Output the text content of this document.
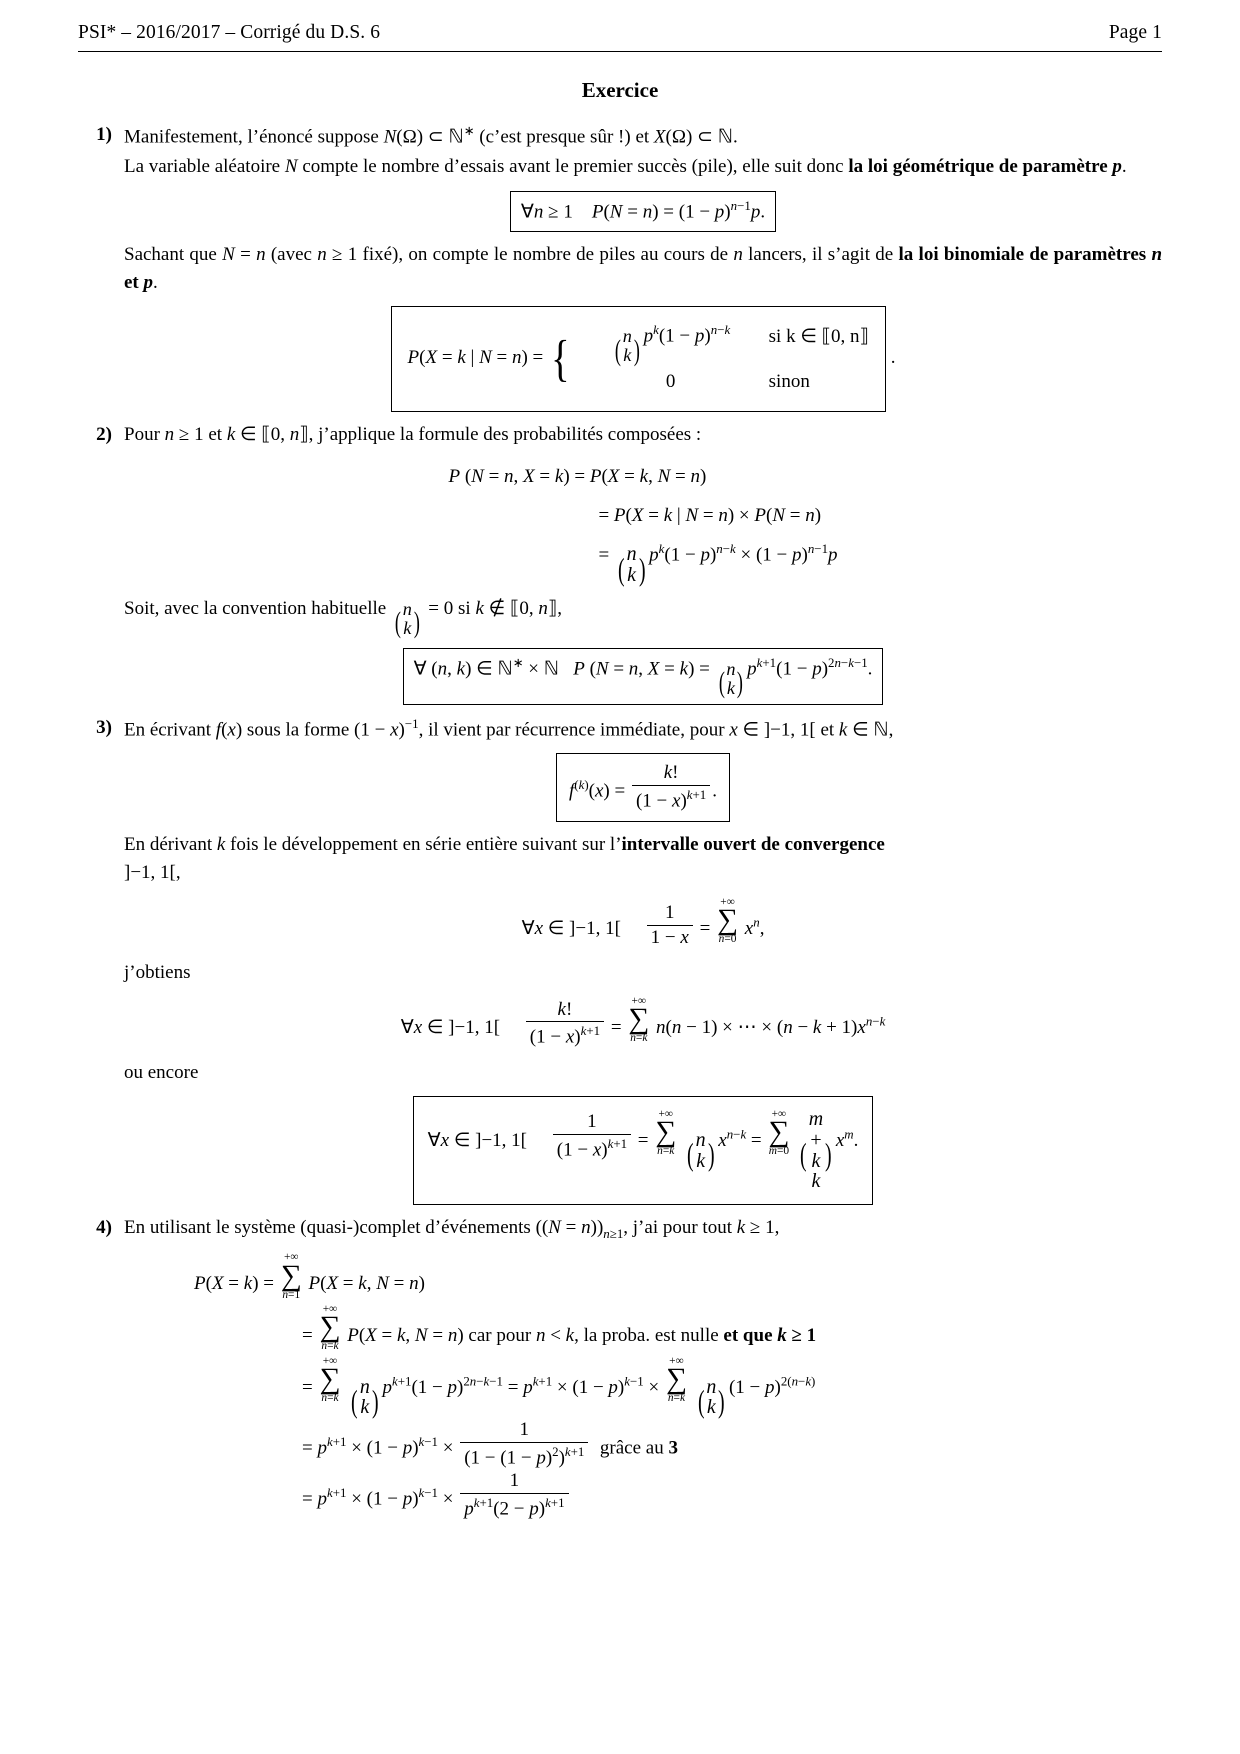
PSI* – 2016/2017 – Corrigé du D.S. 6	Page 1
Exercice
1) Manifestement, l’énoncé suppose N(Ω) ⊂ ℕ∗ (c’est presque sûr !) et X(Ω) ⊂ ℕ.

La variable aléatoire N compte le nombre d’essais avant le premier succès (pile), elle suit donc la loi géométrique de paramètre p.

∀n ≥ 1    $P(N = n) = (1 - p)^{n-1}p$.

Sachant que N = n (avec n ≥ 1 fixé), on compte le nombre de piles au cours de n lancers, il s’agit de la loi binomiale de paramètres n et p.

P(X = k | N = n) = {	( n
k ) $p^k(1 - p)^{n-k}$	si k ∈ ⟦0, n⟧
0	sinon
.
2) Pour n ≥ 1 et k ∈ ⟦0, n⟧, j’applique la formule des probabilités composées :

P (N = n, X = k) = P(X = k, N = n)
= P(X = k | N = n) × P(N = n)
= ( n
k ) $p^k(1 - p)^{n-k} \times (1 - p)^{n-1}p$

Soit, avec la convention habituelle ( n
k ) = 0 si k ∉ ⟦0, n⟧,

∀ (n, k) ∈ ℕ∗ × ℕ P (N = n, X = k) = ( n
k ) $p^{k+1}(1 - p)^{2n-k-1}$.
3) En écrivant f(x) sous la forme $(1 - x)^{-1}$, il vient par récurrence immédiate, pour x ∈ ]−1, 1[ et k ∈ ℕ,

$f^{(k)}(x) = \frac{k!}{(1 - x)^{k+1}}$ .

En dérivant k fois le développement en série entière suivant sur l’intervalle ouvert de convergence
]−1, 1[,

∀x ∈ ]−1, $1[ \frac{1}{1 - x}$ =
+∞
∑
n=0
$x^n$,

j’obtiens

∀x ∈ ]−1, $1[ \frac{k!}{(1 - x)^{k+1}}$ =
+∞
∑
n=k
n(n − 1) × ⋯ × $(n - k + 1)x^{n-k}$

ou encore

∀x ∈ ]−1, $1[ \frac{1}{(1 - x)^{k+1}}$ =
+∞
∑
n=k ( n
k ) $x^{n-k}$ =
+∞
∑
m=0 (
m
+
k
k
) $x^m$.
4) En utilisant le système (quasi-)complet d’événements $((N = n))_{n\ge 1}$, j’ai pour tout k ≥ 1,

P(X = k) =
+∞
∑
n=1
P(X = k, N = n)
=
+∞
∑
n=k
P(X = k, N = n) car pour n < k, la proba. est nulle et que k ≥ 1
=
+∞
∑
n=k ( n
k ) $p^{k+1}(1 - p)^{2n-k-1} = p^{k+1} \times (1 - p)^{k-1}$ ×
+∞
∑
n=k ( n
k ) $(1 - p)^{2(n-k)}$
= $p^{k+1} \times (1 - p)^{k-1} \times \frac{1}{(1 - (1 - p)^2)^{k+1}}$ grâce au 3
= $p^{k+1} \times (1 - p)^{k-1} \times \frac{1}{p^{k+1}(2 - p)^{k+1}}$
